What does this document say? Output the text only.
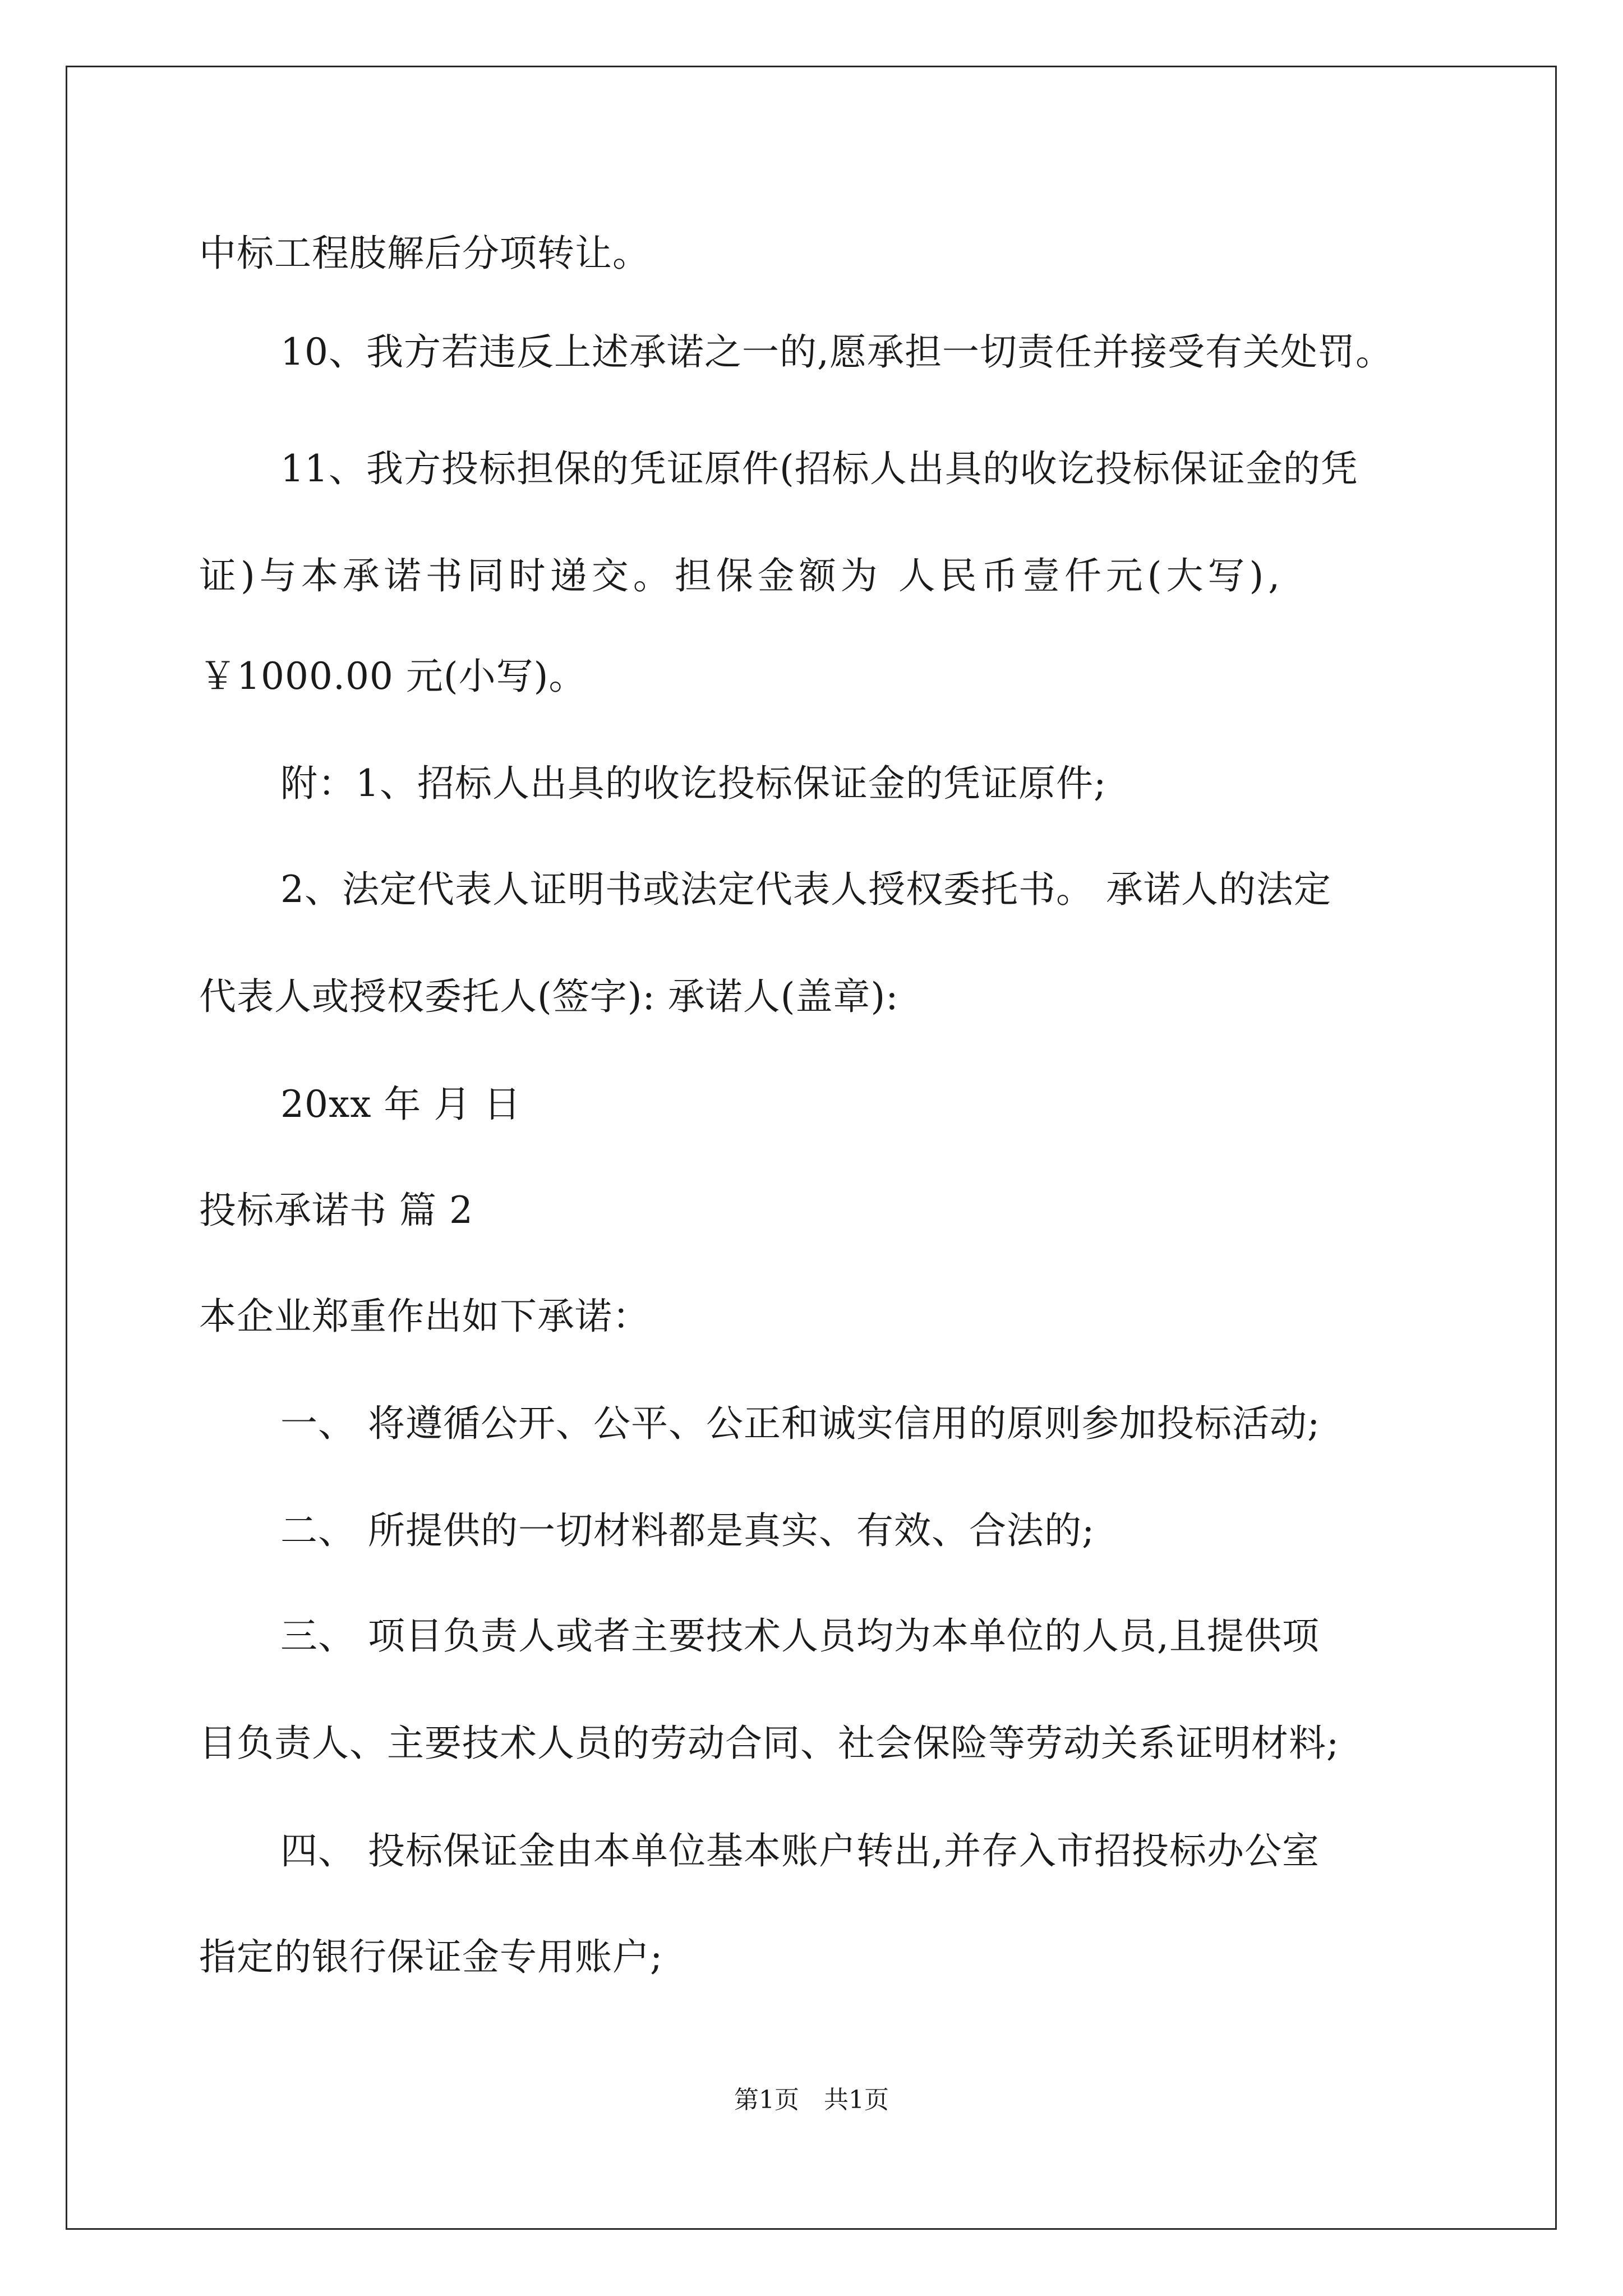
中标工程肢解后分项转让。
10、我方若违反上述承诺之一的,愿承担一切责任并接受有关处罚。
11、我方投标担保的凭证原件(招标人出具的收讫投标保证金的凭
证)与本承诺书同时递交。担保金额为 人民币壹仟元(大写),
￥1000.00 元(小写)。
附：1、招标人出具的收讫投标保证金的凭证原件;
2、法定代表人证明书或法定代表人授权委托书。 承诺人的法定
代表人或授权委托人(签字): 承诺人(盖章):
20xx 年 月 日
投标承诺书 篇 2
本企业郑重作出如下承诺：
一、 将遵循公开、公平、公正和诚实信用的原则参加投标活动;
二、 所提供的一切材料都是真实、有效、合法的;
三、 项目负责人或者主要技术人员均为本单位的人员,且提供项
目负责人、主要技术人员的劳动合同、社会保险等劳动关系证明材料;
四、 投标保证金由本单位基本账户转出,并存入市招投标办公室
指定的银行保证金专用账户;
第1页 共1页
